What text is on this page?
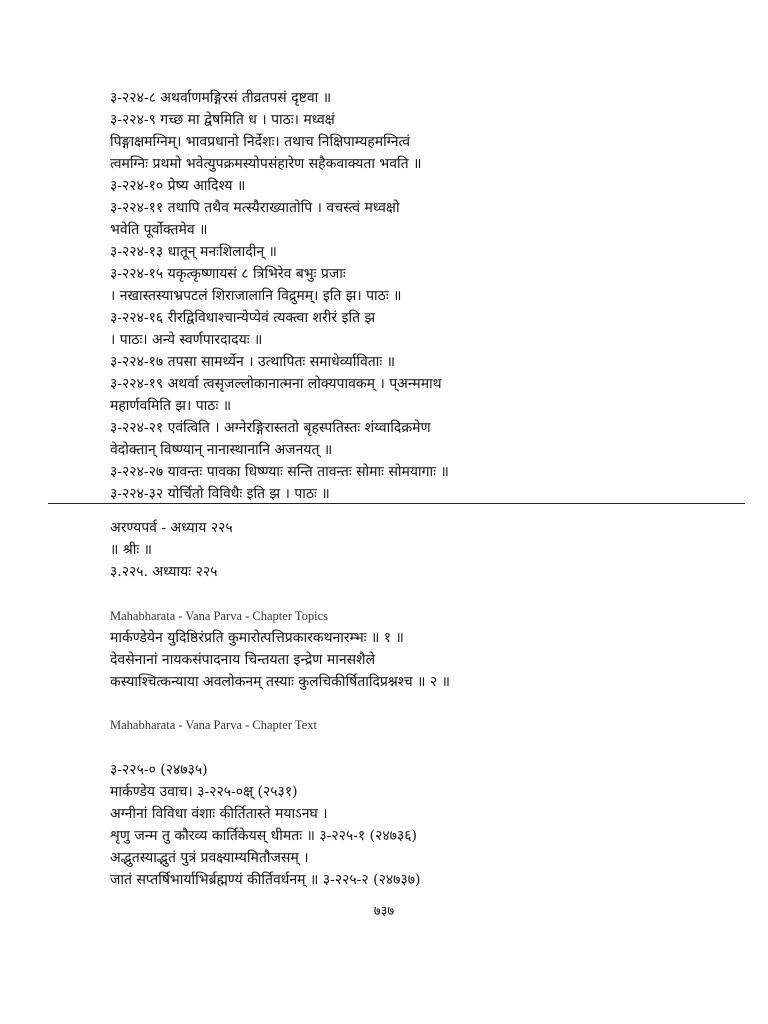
३-२२४-८ अथर्वाणमङ्गिरसं तीव्रतपसं दृष्टवा ॥
३-२२४-९ गच्छ मा द्वेषमिति ध । पाठः। मध्वक्षं
पिङ्गाक्षमग्निम्। भावप्रधानो निर्देशः। तथाच निक्षिपाम्यहमग्नित्वं
त्वमग्निः प्रथमो भवेत्युपक्रमस्योपसंहारेण सहैकवाक्यता भवति ॥
३-२२४-१० प्रेष्य आदिश्य ॥
३-२२४-११ तथापि तथैव मत्स्यैराख्यातोपि । वचस्त्वं मध्वक्षो
भवेति पूर्वोक्तमेव ॥
३-२२४-१३ धातून् मनःशिलादीन् ॥
३-२२४-१५ यकृत्कृष्णायसं ८ त्रिभिरेव बभुः प्रजाः
। नखास्तस्याभ्रपटलं शिराजालानि विद्रुमम्। इति झ। पाठः ॥
३-२२४-१६ रीरद्विविधाश्चान्येप्येवं त्यक्त्वा शरीरं इति झ
। पाठः। अन्ये स्वर्णपारदादयः ॥
३-२२४-१७ तपसा सामर्थ्येन । उत्थापितः समाधेर्व्याविताः ॥
३-२२४-१९ अथर्वा त्वसृजल्लोकानात्मना लोक्यपावकम् । प्अन्ममाथ
महार्णवमिति झ। पाठः ॥
३-२२४-२१ एवंत्विति । अग्नेरङ्गिरास्ततो बृहस्पतिस्तः शंय्वादिक्रमेण
वेदोक्तान् विष्ण्यान् नानास्थानानि अजनयत् ॥
३-२२४-२७ यावन्तः पावका धिष्ण्याः सन्ति तावन्तः सोमाः सोमयागाः ॥
३-२२४-३२ योर्चितो विविधैः इति झ । पाठः ॥
अरण्यपर्व - अध्याय २२५
॥ श्रीः ॥
३.२२५. अध्यायः २२५
Mahabharata - Vana Parva - Chapter Topics
मार्कण्डेयेन युदिष्ठिरंप्रति कुमारोत्पत्तिप्रकारकथनारम्भः ॥ १ ॥
देवसेनानां नायकसंपादनाय चिन्तयता इन्द्रेण मानसशैले
कस्याश्चित्कन्याया अवलोकनम् तस्याः कुलचिकीर्षितादिप्रश्नश्च ॥ २ ॥
Mahabharata - Vana Parva - Chapter Text
३-२२५-० (२४७३५)
मार्कण्डेय उवाच। ३-२२५-०क्ष् (२५३१)
अग्नीनां विविधा वंशाः कीर्तितास्ते मयाऽनघ ।
शृणु जन्म तु कौरव्य कार्तिकेयस् धीमतः ॥ ३-२२५-१ (२४७३६)
अद्भुतस्याद्भुतं पुत्रं प्रवक्ष्याम्यमितौजसम् ।
जातं सप्तर्षिभार्याभिर्ब्रह्मण्यं कीर्तिवर्धनम् ॥ ३-२२५-२ (२४७३७)
७३७
